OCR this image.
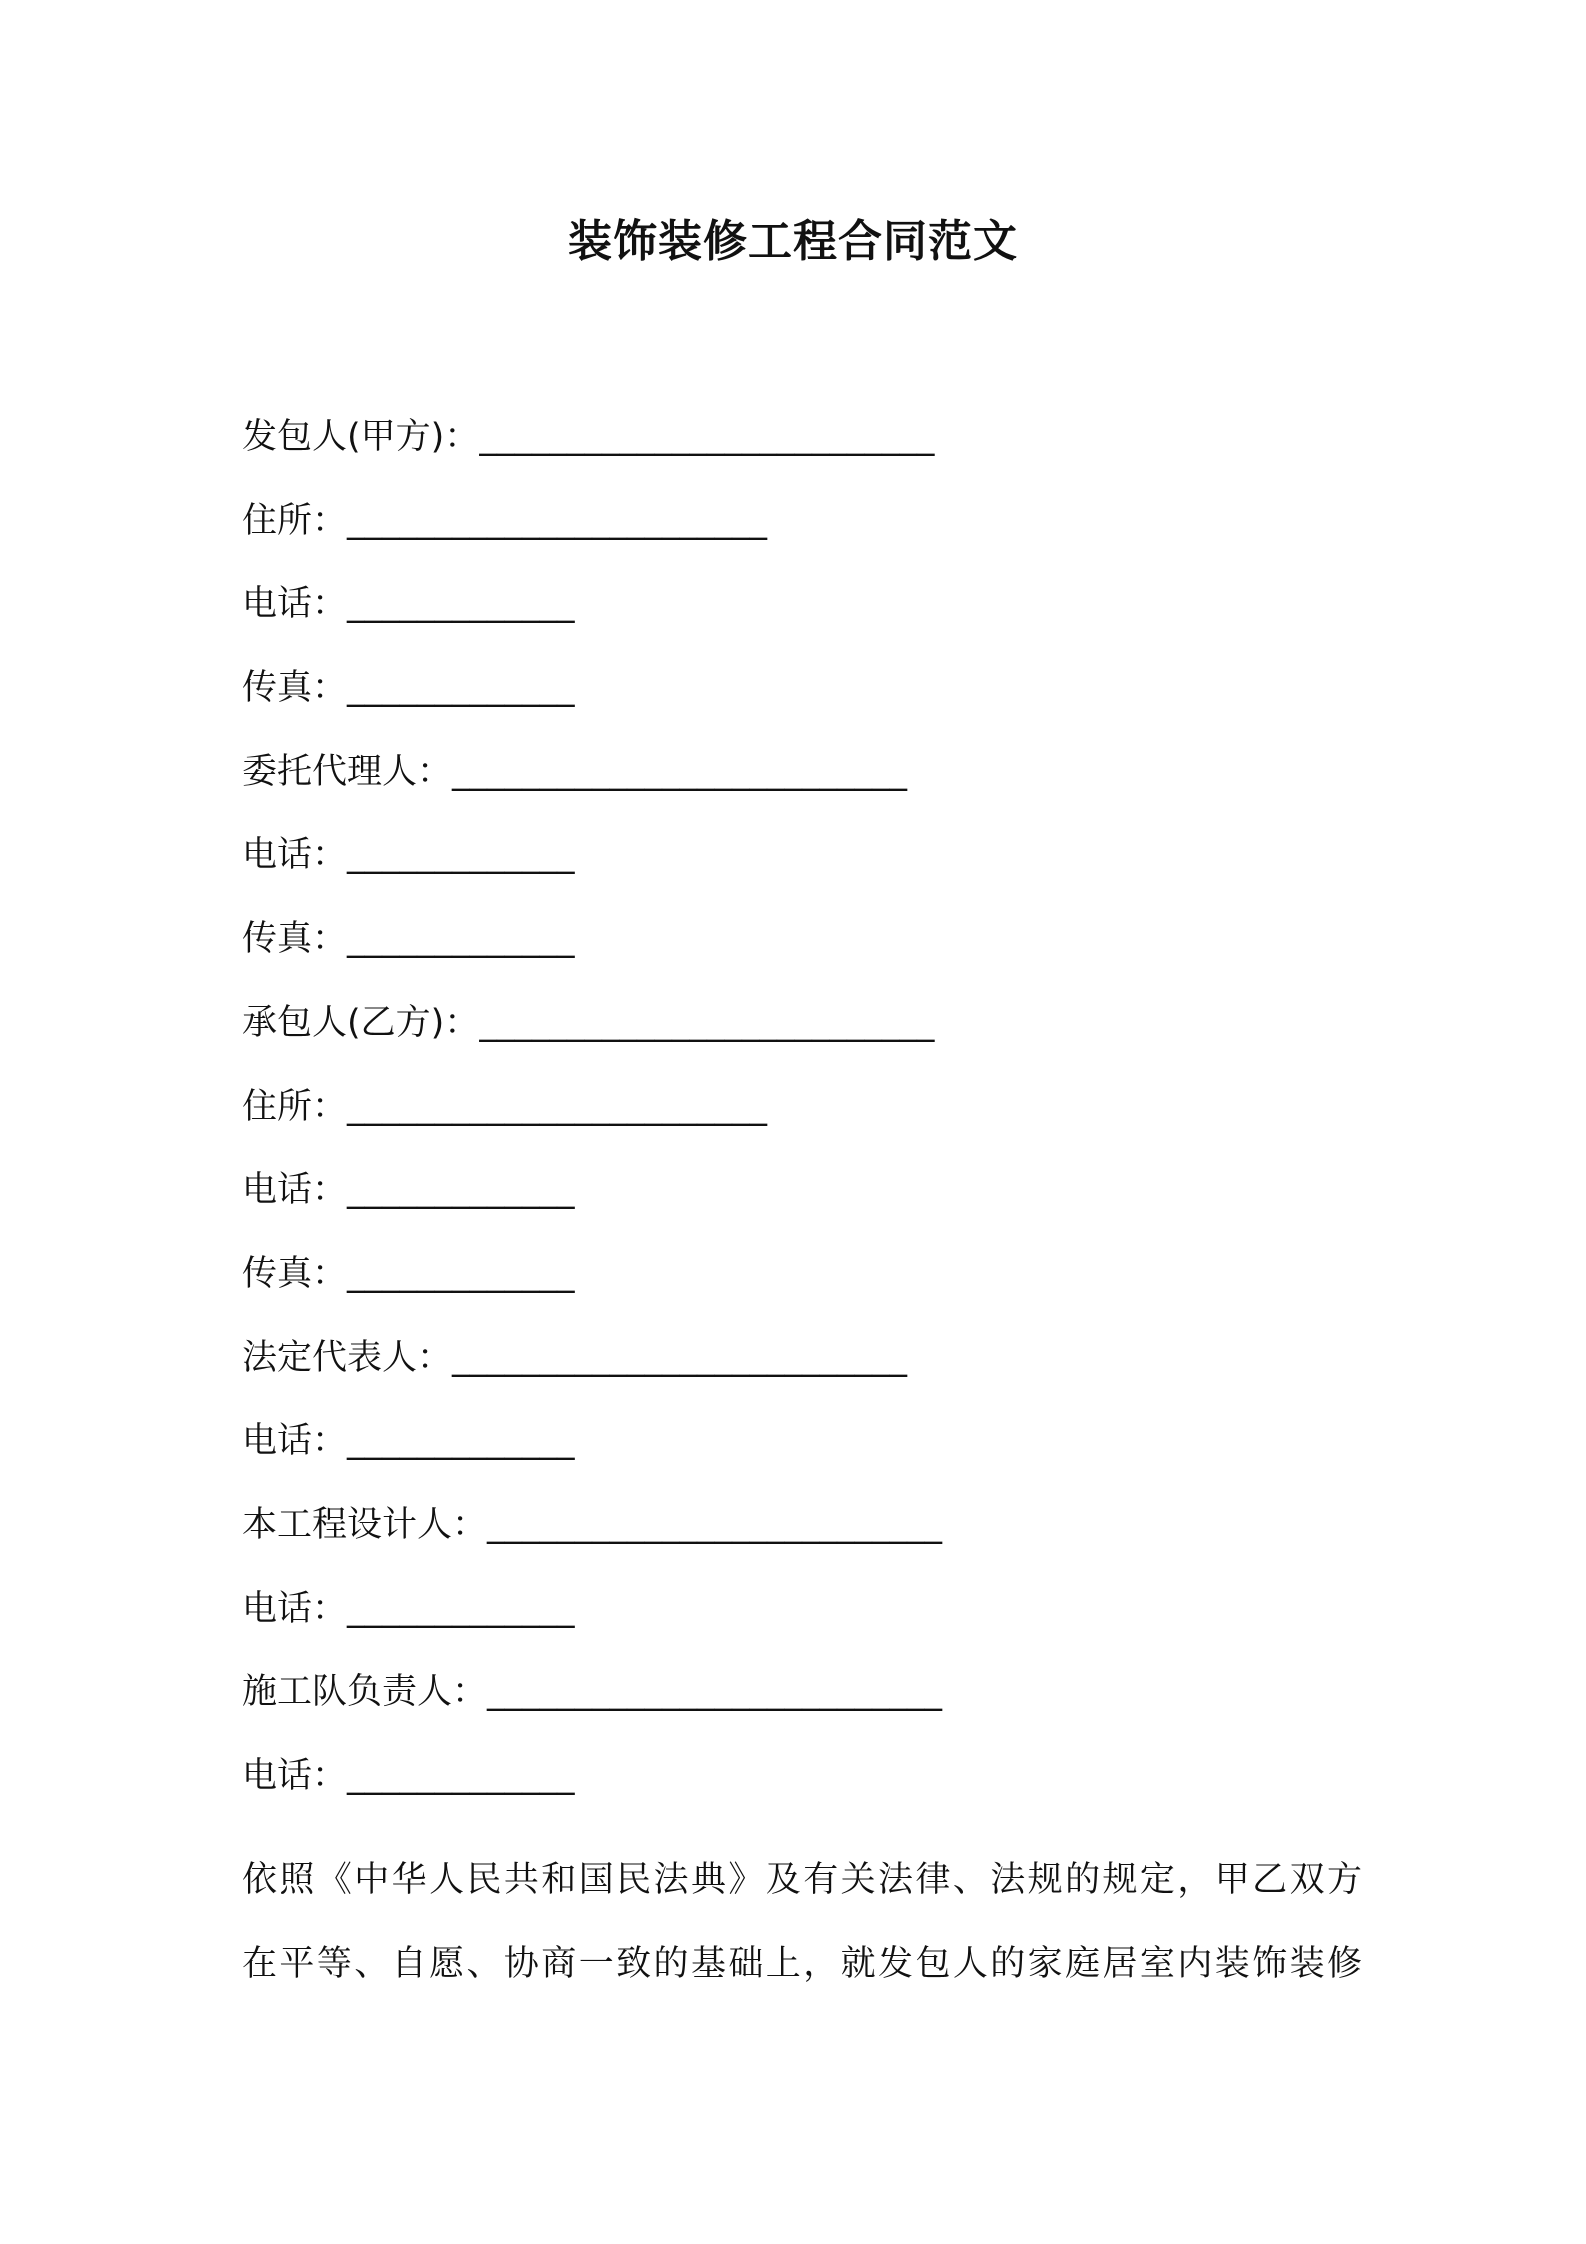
装饰装修工程合同范文
发包人(甲方)：__________________________
住所：________________________
电话：_____________
传真：_____________
委托代理人：__________________________
电话：_____________
传真：_____________
承包人(乙方)：__________________________
住所：________________________
电话：_____________
传真：_____________
法定代表人：__________________________
电话：_____________
本工程设计人：__________________________
电话：_____________
施工队负责人：__________________________
电话：_____________
依照《中华人民共和国民法典》及有关法律、法规的规定，甲乙双方
在平等、自愿、协商一致的基础上，就发包人的家庭居室内装饰装修
